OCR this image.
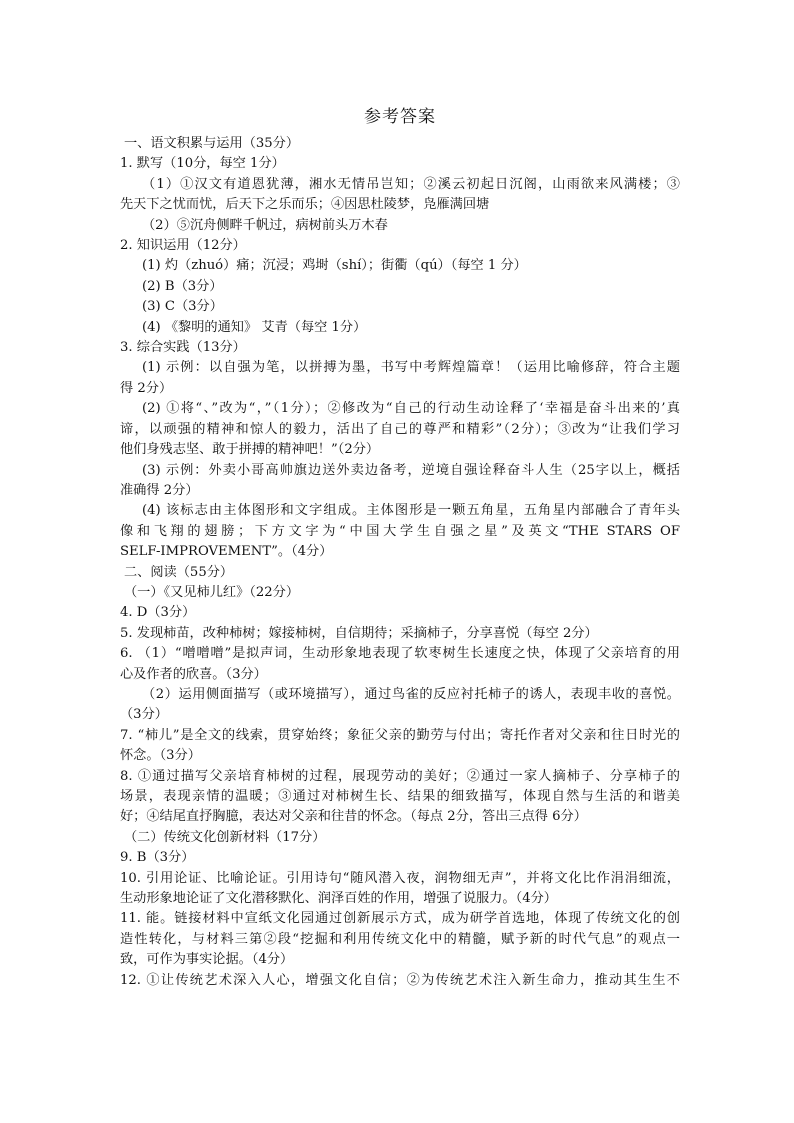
参考答案
一、语文积累与运用（35分）
1. 默写（10分，每空 1分）
（1）①汉文有道恩犹薄，湘水无情吊岂知；②溪云初起日沉阁，山雨欲来风满楼；③
先天下之忧而忧，后天下之乐而乐；④因思杜陵梦，凫雁满回塘
（2）⑤沉舟侧畔千帆过，病树前头万木春
2. 知识运用（12分）
(1) 灼（zhuó）痛；沉浸；鸡埘（shí）；街衢（qú）（每空 1 分）
(2) B（3分）
(3) C（3分）
(4) 《黎明的通知》 艾青（每空 1分）
3. 综合实践（13分）
(1) 示例：以自强为笔，以拼搏为墨，书写中考辉煌篇章！（运用比喻修辞，符合主题
得 2分）
(2) ①将“、”改为“，”（1分）；②修改为“自己的行动生动诠释了‘幸福是奋斗出来的’真
谛，以顽强的精神和惊人的毅力，活出了自己的尊严和精彩”（2分）；③改为“让我们学习
他们身残志坚、敢于拼搏的精神吧！”（2分）
(3) 示例：外卖小哥高帅旗边送外卖边备考，逆境自强诠释奋斗人生（25字以上，概括
准确得 2分）
(4) 该标志由主体图形和文字组成。主体图形是一颗五角星，五角星内部融合了青年头
像和飞翔的翅膀；下方文字为“中国大学生自强之星”及英文“THE STARS OF
SELF-IMPROVEMENT”。（4分）
二、阅读（55分）
（一）《又见柿儿红》（22分）
4. D（3分）
5. 发现柿苗，改种柿树；嫁接柿树，自信期待；采摘柿子，分享喜悦（每空 2分）
6. （1）“噌噌噌”是拟声词，生动形象地表现了软枣树生长速度之快，体现了父亲培育的用
心及作者的欣喜。（3分）
（2）运用侧面描写（或环境描写），通过鸟雀的反应衬托柿子的诱人，表现丰收的喜悦。
（3分）
7. “柿儿”是全文的线索，贯穿始终；象征父亲的勤劳与付出；寄托作者对父亲和往日时光的
怀念。（3分）
8. ①通过描写父亲培育柿树的过程，展现劳动的美好；②通过一家人摘柿子、分享柿子的
场景，表现亲情的温暖；③通过对柿树生长、结果的细致描写，体现自然与生活的和谐美
好；④结尾直抒胸臆，表达对父亲和往昔的怀念。（每点 2分，答出三点得 6分）
（二）传统文化创新材料（17分）
9. B（3分）
10. 引用论证、比喻论证。引用诗句“随风潜入夜，润物细无声”，并将文化比作涓涓细流，
生动形象地论证了文化潜移默化、润泽百姓的作用，增强了说服力。（4分）
11. 能。链接材料中宣纸文化园通过创新展示方式，成为研学首选地，体现了传统文化的创
造性转化，与材料三第②段“挖掘和利用传统文化中的精髓，赋予新的时代气息”的观点一
致，可作为事实论据。（4分）
12. ①让传统艺术深入人心，增强文化自信；②为传统艺术注入新生命力，推动其生生不
